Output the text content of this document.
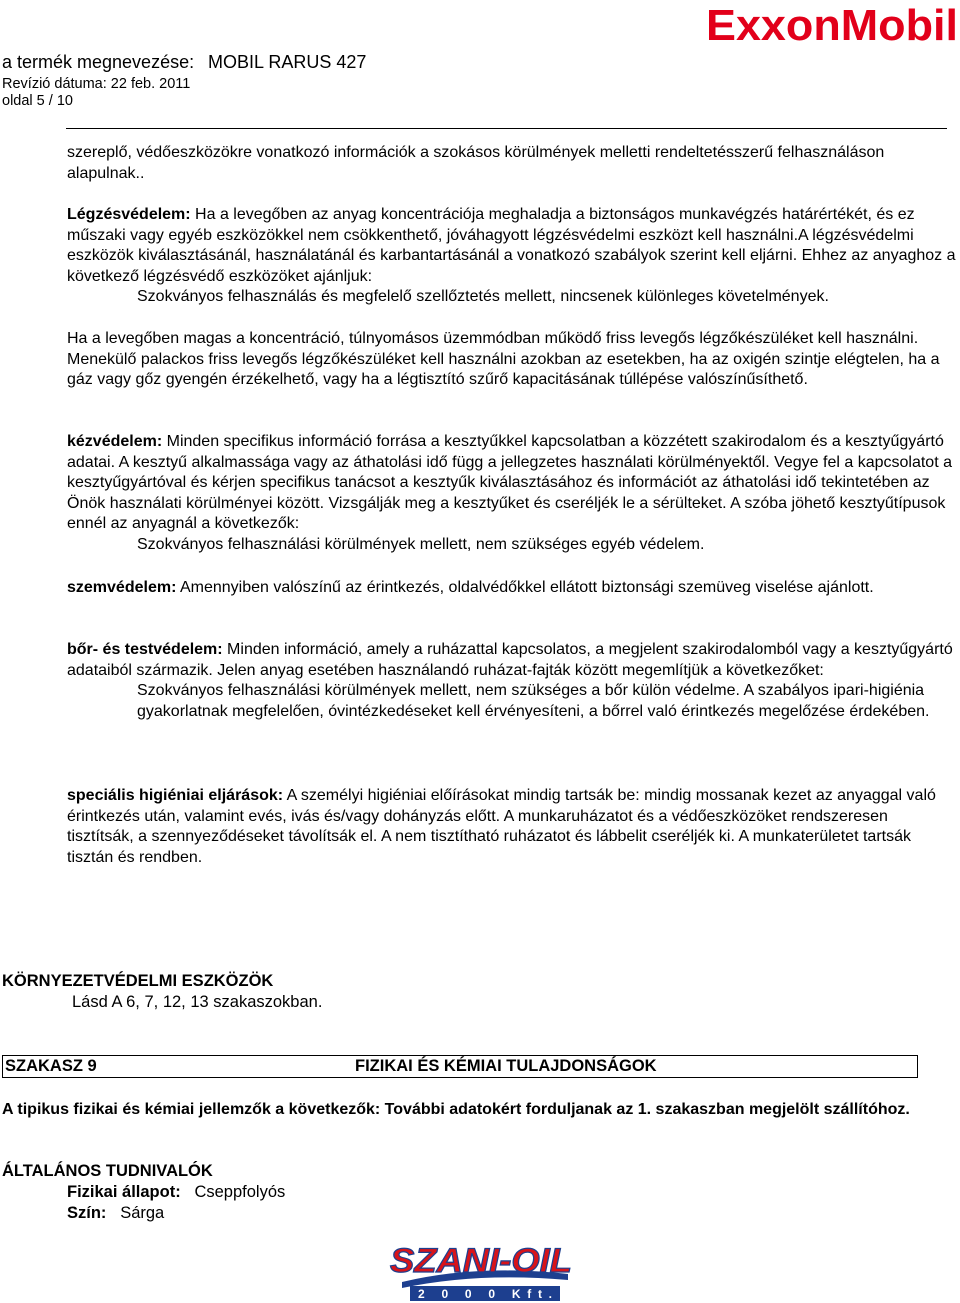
a termék megnevezése: MOBIL RARUS 427
Revízió dátuma: 22 feb. 2011
oldal 5 / 10
ExxonMobil
szereplő, védőeszközökre vonatkozó információk a szokásos körülmények melletti rendeltetésszerű felhasználáson alapulnak..
Légzésvédelem: Ha a levegőben az anyag koncentrációja meghaladja a biztonságos munkavégzés határértékét, és ez műszaki vagy egyéb eszközökkel nem csökkenthető, jóváhagyott légzésvédelmi eszközt kell használni.A légzésvédelmi eszközök kiválasztásánál, használatánál és karbantartásánál a vonatkozó szabályok szerint kell eljárni. Ehhez az anyaghoz a következő légzésvédő eszközöket ajánljuk:
Szokványos felhasználás és megfelelő szellőztetés mellett, nincsenek különleges követelmények.
Ha a levegőben magas a koncentráció, túlnyomásos üzemmódban működő friss levegős légzőkészüléket kell használni. Menekülő palackos friss levegős légzőkészüléket kell használni azokban az esetekben, ha az oxigén szintje elégtelen, ha a gáz vagy gőz gyengén érzékelhető, vagy ha a légtisztító szűrő kapacitásának túllépése valószínűsíthető.
kézvédelem: Minden specifikus információ forrása a kesztyűkkel kapcsolatban a közzétett szakirodalom és a kesztyűgyártó adatai. A kesztyű alkalmassága vagy az áthatolási idő függ a jellegzetes használati körülményektől. Vegye fel a kapcsolatot a kesztyűgyártóval és kérjen specifikus tanácsot a kesztyűk kiválasztásához és információt az áthatolási idő tekintetében az Önök használati körülményei között. Vizsgálják meg a kesztyűket és cseréljék le a sérülteket. A szóba jöhető kesztyűtípusok ennél az anyagnál a következők:
Szokványos felhasználási körülmények mellett, nem szükséges egyéb védelem.
szemvédelem: Amennyiben valószínű az érintkezés, oldalvédőkkel ellátott biztonsági szemüveg viselése ajánlott.
bőr- és testvédelem: Minden információ, amely a ruházattal kapcsolatos, a megjelent szakirodalomból vagy a kesztyűgyártó adataiból származik. Jelen anyag esetében használandó ruházat-fajták között megemlítjük a következőket:
Szokványos felhasználási körülmények mellett, nem szükséges a bőr külön védelme. A szabályos ipari-higiénia gyakorlatnak megfelelően, óvintézkedéseket kell érvényesíteni, a bőrrel való érintkezés megelőzése érdekében.
speciális higiéniai eljárások: A személyi higiéniai előírásokat mindig tartsák be: mindig mossanak kezet az anyaggal való érintkezés után, valamint evés, ivás és/vagy dohányzás előtt. A munkaruházatot és a védőeszközöket rendszeresen tisztítsák, a szennyeződéseket távolítsák el. A nem tisztítható ruházatot és lábbelit cseréljék ki. A munkaterületet tartsák tisztán és rendben.
KÖRNYEZETVÉDELMI ESZKÖZÖK
Lásd A 6, 7, 12, 13 szakaszokban.
SZAKASZ 9	FIZIKAI ÉS KÉMIAI TULAJDONSÁGOK
A tipikus fizikai és kémiai jellemzők a következők: További adatokért forduljanak az 1. szakaszban megjelölt szállítóhoz.
ÁLTALÁNOS TUDNIVALÓK
Fizikai állapot: Cseppfolyós
Szín: Sárga
SZANI-OIL
2 0 0 0 Kft.
